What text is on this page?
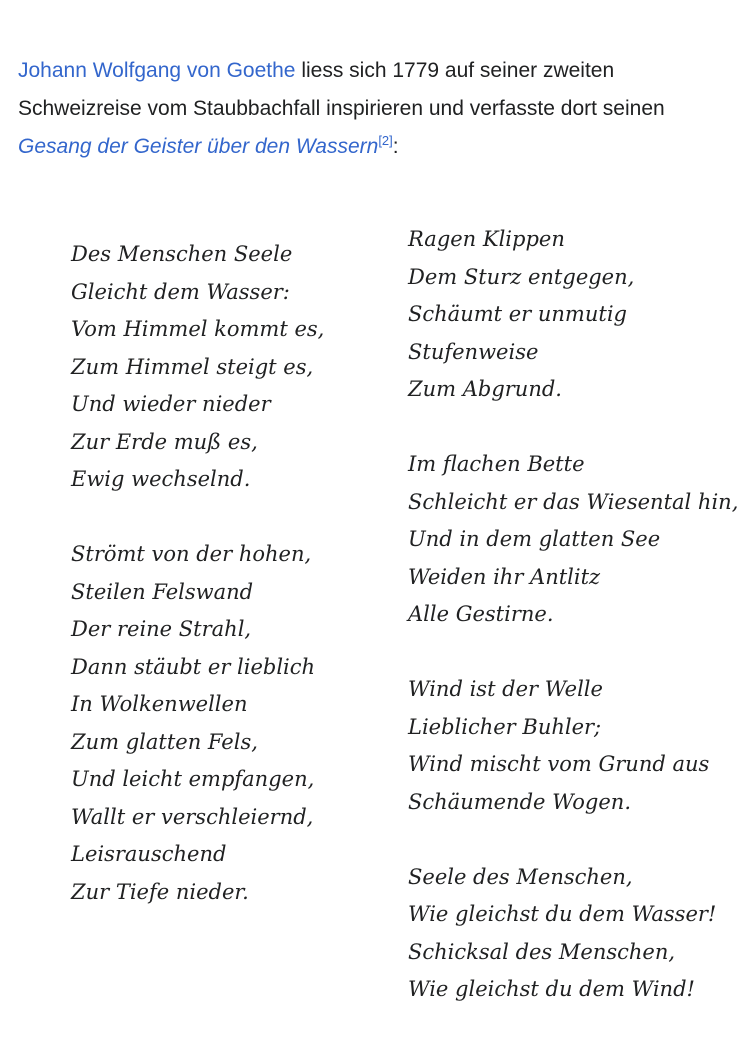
Johann Wolfgang von Goethe liess sich 1779 auf seiner zweiten Schweizreise vom Staubbachfall inspirieren und verfasste dort seinen Gesang der Geister über den Wassern[2]:
Des Menschen Seele
Gleicht dem Wasser:
Vom Himmel kommt es,
Zum Himmel steigt es,
Und wieder nieder
Zur Erde muß es,
Ewig wechselnd.
Strömt von der hohen,
Steilen Felswand
Der reine Strahl,
Dann stäubt er lieblich
In Wolkenwellen
Zum glatten Fels,
Und leicht empfangen,
Wallt er verschleiernd,
Leisrauschend
Zur Tiefe nieder.
Ragen Klippen
Dem Sturz entgegen,
Schäumt er unmutig
Stufenweise
Zum Abgrund.
Im flachen Bette
Schleicht er das Wiesental hin,
Und in dem glatten See
Weiden ihr Antlitz
Alle Gestirne.
Wind ist der Welle
Lieblicher Buhler;
Wind mischt vom Grund aus
Schäumende Wogen.
Seele des Menschen,
Wie gleichst du dem Wasser!
Schicksal des Menschen,
Wie gleichst du dem Wind!
